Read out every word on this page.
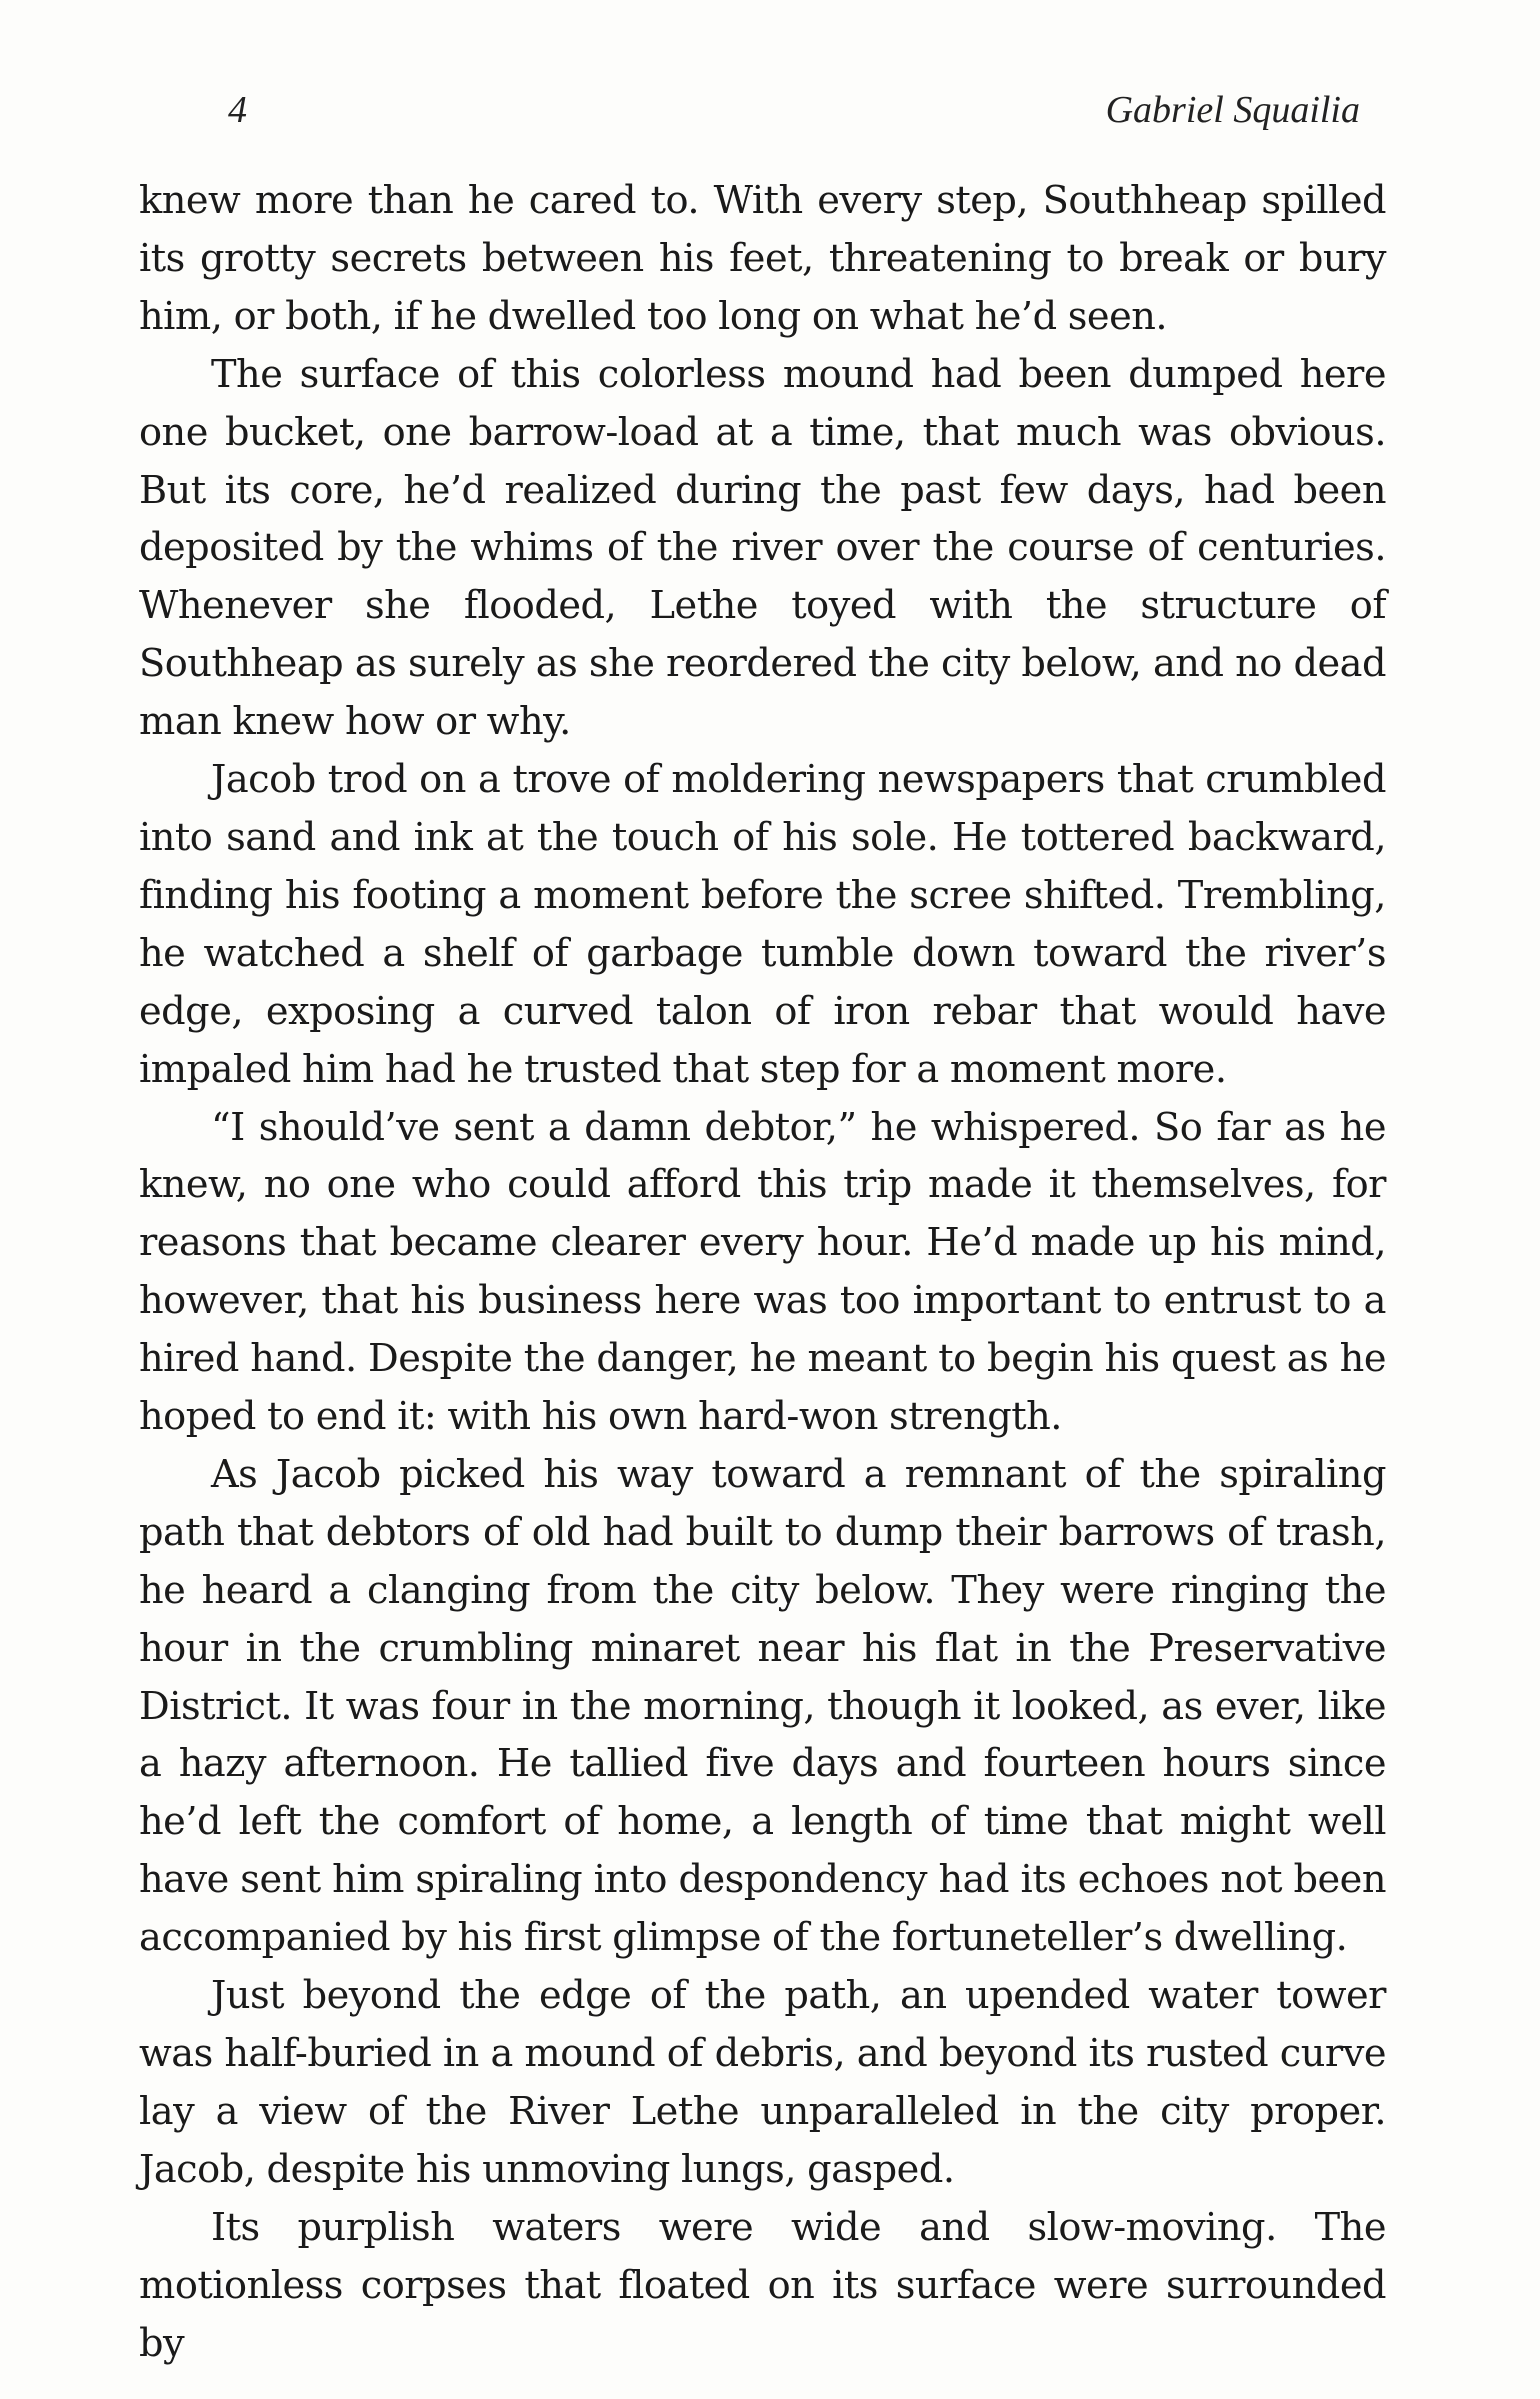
4	Gabriel Squailia

knew more than he cared to. With every step, Southheap spilled its grotty secrets between his feet, threatening to break or bury him, or both, if he dwelled too long on what he’d seen.

The surface of this colorless mound had been dumped here one bucket, one barrow-load at a time, that much was obvious. But its core, he’d realized during the past few days, had been deposited by the whims of the river over the course of centuries. Whenever she flooded, Lethe toyed with the structure of Southheap as surely as she reordered the city below, and no dead man knew how or why.

Jacob trod on a trove of moldering newspapers that crumbled into sand and ink at the touch of his sole. He tottered backward, finding his footing a moment before the scree shifted. Trembling, he watched a shelf of garbage tumble down toward the river’s edge, exposing a curved talon of iron rebar that would have impaled him had he trusted that step for a moment more.

“I should’ve sent a damn debtor,” he whispered. So far as he knew, no one who could afford this trip made it themselves, for reasons that became clearer every hour. He’d made up his mind, however, that his business here was too important to entrust to a hired hand. Despite the danger, he meant to begin his quest as he hoped to end it: with his own hard-won strength.

As Jacob picked his way toward a remnant of the spiraling path that debtors of old had built to dump their barrows of trash, he heard a clanging from the city below. They were ringing the hour in the crumbling minaret near his flat in the Preservative District. It was four in the morning, though it looked, as ever, like a hazy afternoon. He tallied five days and fourteen hours since he’d left the comfort of home, a length of time that might well have sent him spiraling into despondency had its echoes not been accompanied by his first glimpse of the fortuneteller’s dwelling.

Just beyond the edge of the path, an upended water tower was half-buried in a mound of debris, and beyond its rusted curve lay a view of the River Lethe unparalleled in the city proper. Jacob, despite his unmoving lungs, gasped.

Its purplish waters were wide and slow-moving. The motionless corpses that floated on its surface were surrounded by
